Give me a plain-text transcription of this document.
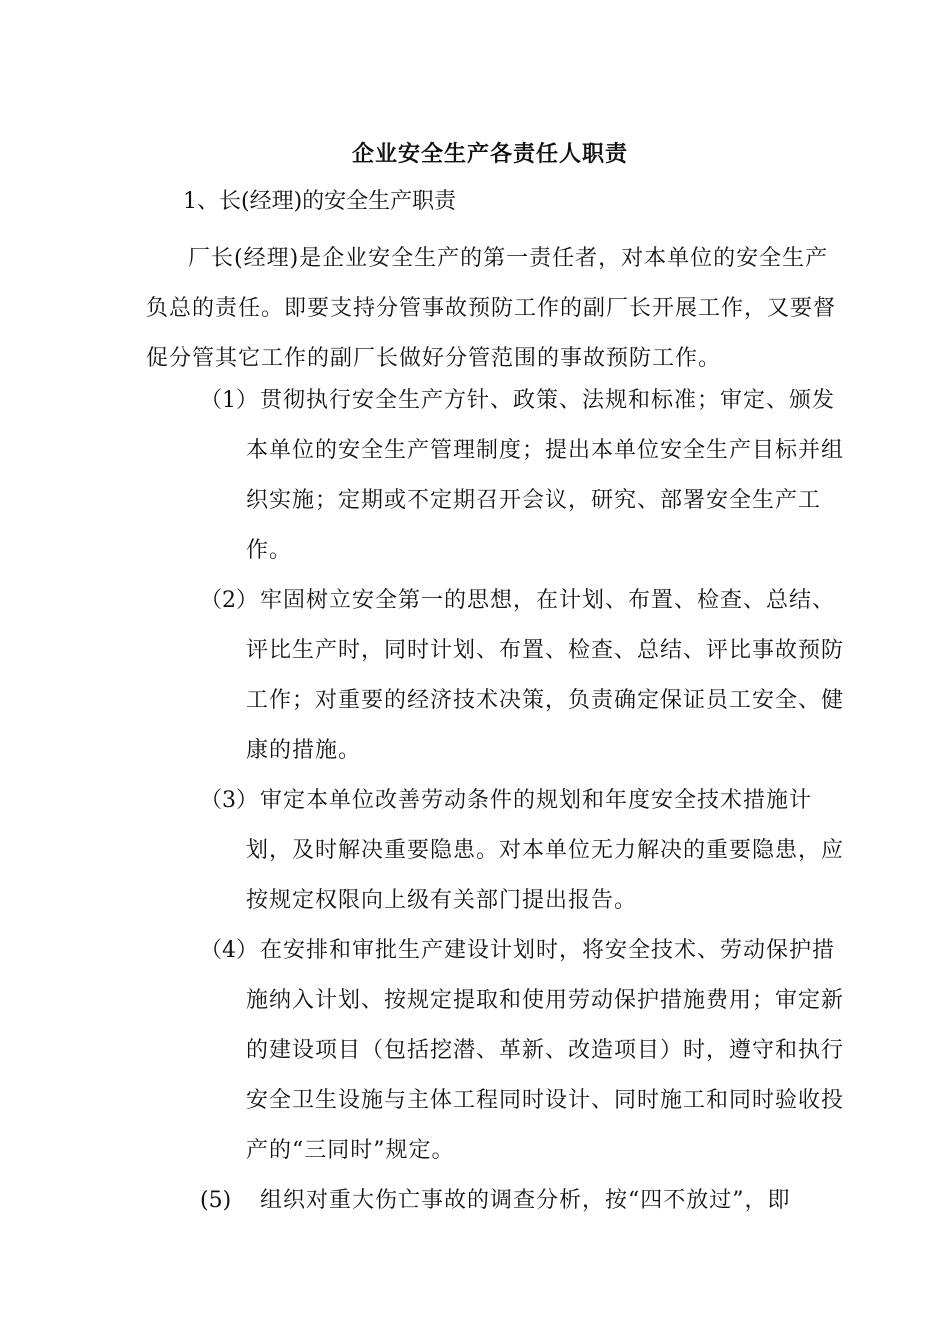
企业安全生产各责任人职责
1、长(经理)的安全生产职责
厂长(经理)是企业安全生产的第一责任者，对本单位的安全生产负总的责任。即要支持分管事故预防工作的副厂长开展工作，又要督促分管其它工作的副厂长做好分管范围的事故预防工作。
（1） 贯彻执行安全生产方针、政策、法规和标准；审定、颁发本单位的安全生产管理制度；提出本单位安全生产目标并组织实施；定期或不定期召开会议，研究、部署安全生产工作。
（2） 牢固树立安全第一的思想，在计划、布置、检查、总结、评比生产时，同时计划、布置、检查、总结、评比事故预防工作；对重要的经济技术决策，负责确定保证员工安全、健康的措施。
（3） 审定本单位改善劳动条件的规划和年度安全技术措施计划，及时解决重要隐患。对本单位无力解决的重要隐患，应按规定权限向上级有关部门提出报告。
（4） 在安排和审批生产建设计划时，将安全技术、劳动保护措施纳入计划、按规定提取和使用劳动保护措施费用；审定新的建设项目（包括挖潜、革新、改造项目）时，遵守和执行安全卫生设施与主体工程同时设计、同时施工和同时验收投产的“三同时”规定。
(5)	组织对重大伤亡事故的调查分析，按“四不放过”，即
